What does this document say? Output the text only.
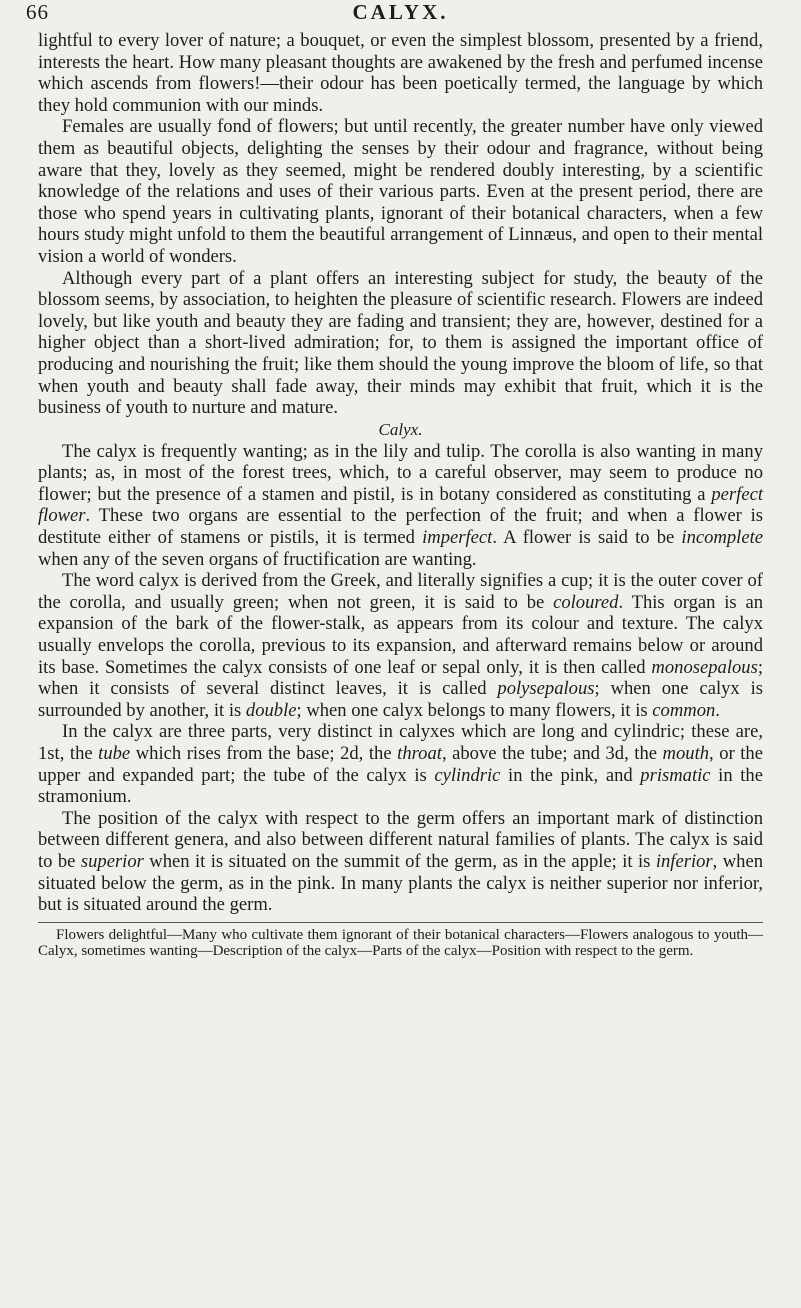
66	CALYX.

lightful to every lover of nature; a bouquet, or even the simplest blossom, presented by a friend, interests the heart. How many pleasant thoughts are awakened by the fresh and perfumed incense which ascends from flowers!—their odour has been poetically termed, the language by which they hold communion with our minds.

Females are usually fond of flowers; but until recently, the greater number have only viewed them as beautiful objects, delighting the senses by their odour and fragrance, without being aware that they, lovely as they seemed, might be rendered doubly interesting, by a scientific knowledge of the relations and uses of their various parts. Even at the present period, there are those who spend years in cultivating plants, ignorant of their botanical characters, when a few hours study might unfold to them the beautiful arrangement of Linnæus, and open to their mental vision a world of wonders.

Although every part of a plant offers an interesting subject for study, the beauty of the blossom seems, by association, to heighten the pleasure of scientific research. Flowers are indeed lovely, but like youth and beauty they are fading and transient; they are, however, destined for a higher object than a short-lived admiration; for, to them is assigned the important office of producing and nourishing the fruit; like them should the young improve the bloom of life, so that when youth and beauty shall fade away, their minds may exhibit that fruit, which it is the business of youth to nurture and mature.

Calyx.

The calyx is frequently wanting; as in the lily and tulip. The corolla is also wanting in many plants; as, in most of the forest trees, which, to a careful observer, may seem to produce no flower; but the presence of a stamen and pistil, is in botany considered as constituting a perfect flower. These two organs are essential to the perfection of the fruit; and when a flower is destitute either of stamens or pistils, it is termed imperfect. A flower is said to be incomplete when any of the seven organs of fructification are wanting.

The word calyx is derived from the Greek, and literally signifies a cup; it is the outer cover of the corolla, and usually green; when not green, it is said to be coloured. This organ is an expansion of the bark of the flower-stalk, as appears from its colour and texture. The calyx usually envelops the corolla, previous to its expansion, and afterward remains below or around its base. Sometimes the calyx consists of one leaf or sepal only, it is then called monosepalous; when it consists of several distinct leaves, it is called polysepalous; when one calyx is surrounded by another, it is double; when one calyx belongs to many flowers, it is common.

In the calyx are three parts, very distinct in calyxes which are long and cylindric; these are, 1st, the tube which rises from the base; 2d, the throat, above the tube; and 3d, the mouth, or the upper and expanded part; the tube of the calyx is cylindric in the pink, and prismatic in the stramonium.

The position of the calyx with respect to the germ offers an important mark of distinction between different genera, and also between different natural families of plants. The calyx is said to be superior when it is situated on the summit of the germ, as in the apple; it is inferior, when situated below the germ, as in the pink. In many plants the calyx is neither superior nor inferior, but is situated around the germ.

Flowers delightful—Many who cultivate them ignorant of their botanical characters—Flowers analogous to youth—Calyx, sometimes wanting—Description of the calyx—Parts of the calyx—Position with respect to the germ.
